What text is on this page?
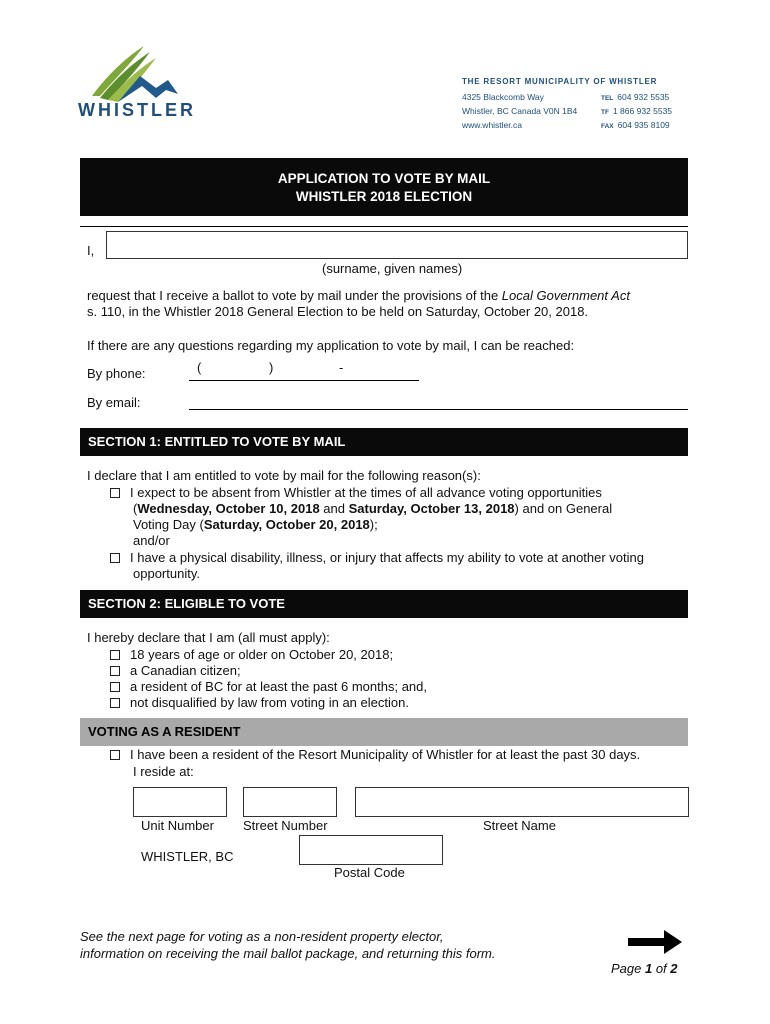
WHISTLER
THE RESORT MUNICIPALITY OF WHISTLER
4325 Blackcomb Way	TEL 604 932 5535
Whistler, BC Canada V0N 1B4	TF 1 866 932 5535
www.whistler.ca	FAX 604 935 8109
APPLICATION TO VOTE BY MAIL
WHISTLER 2018 ELECTION
I,
(surname, given names)
request that I receive a ballot to vote by mail under the provisions of the Local Government Act
s. 110, in the Whistler 2018 General Election to be held on Saturday, October 20, 2018.
If there are any questions regarding my application to vote by mail, I can be reached:
By phone:	(	)	-
By email:
SECTION 1: ENTITLED TO VOTE BY MAIL
I declare that I am entitled to vote by mail for the following reason(s):
I expect to be absent from Whistler at the times of all advance voting opportunities
(Wednesday, October 10, 2018 and Saturday, October 13, 2018) and on General
Voting Day (Saturday, October 20, 2018);
and/or
I have a physical disability, illness, or injury that affects my ability to vote at another voting
opportunity.
SECTION 2: ELIGIBLE TO VOTE
I hereby declare that I am (all must apply):
18 years of age or older on October 20, 2018;
a Canadian citizen;
a resident of BC for at least the past 6 months; and,
not disqualified by law from voting in an election.
VOTING AS A RESIDENT
I have been a resident of the Resort Municipality of Whistler for at least the past 30 days.
I reside at:
Unit Number Street Number	Street Name
WHISTLER, BC
Postal Code
See the next page for voting as a non-resident property elector,
information on receiving the mail ballot package, and returning this form.
Page 1 of 2
